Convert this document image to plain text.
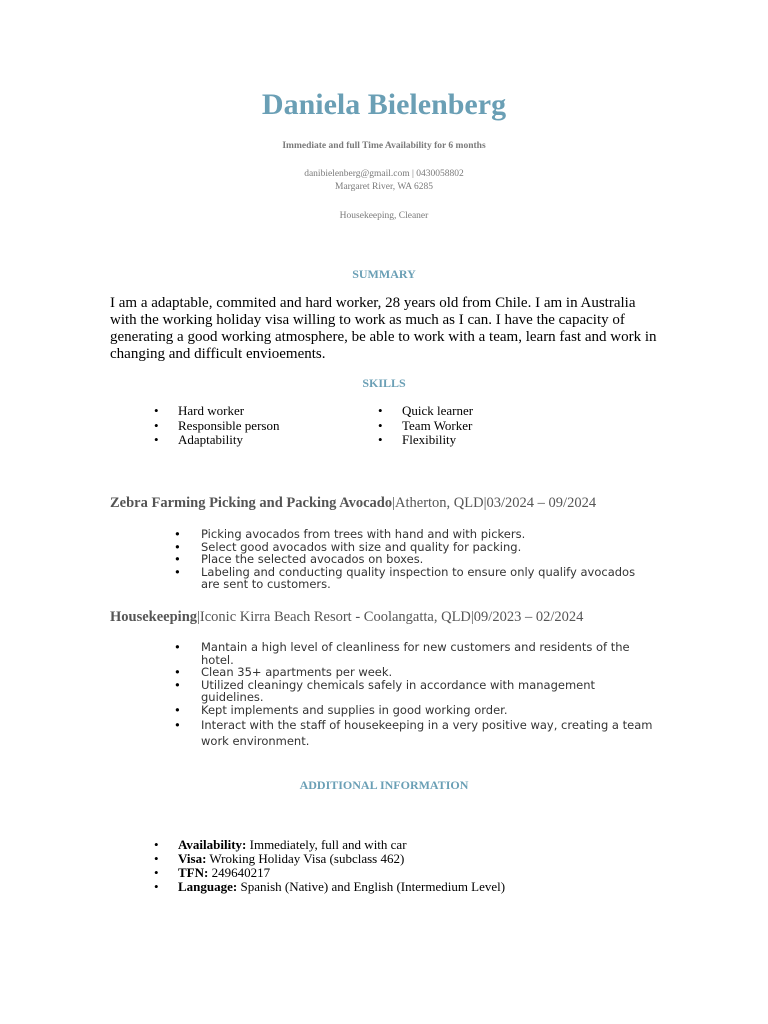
Daniela Bielenberg
Immediate and full Time Availability for 6 months
danibielenberg@gmail.com | 0430058802
Margaret River, WA 6285
Housekeeping, Cleaner
SUMMARY
I am a adaptable, commited and hard worker, 28 years old from Chile. I am in Australia with the working holiday visa willing to work as much as I can. I have the capacity of generating a good working atmosphere, be able to work with a team, learn fast and work in changing and difficult envioements.
SKILLS
• Hard worker
• Responsible person
• Adaptability
• Quick learner
• Team Worker
• Flexibility
Zebra Farming Picking and Packing Avocado|Atherton, QLD|03/2024 – 09/2024
• Picking avocados from trees with hand and with pickers.
• Select good avocados with size and quality for packing.
• Place the selected avocados on boxes.
• Labeling and conducting quality inspection to ensure only qualify avocados are sent to customers.
Housekeeping|Iconic Kirra Beach Resort - Coolangatta, QLD|09/2023 – 02/2024
• Mantain a high level of cleanliness for new customers and residents of the hotel.
• Clean 35+ apartments per week.
• Utilized cleaningy chemicals safely in accordance with management guidelines.
• Kept implements and supplies in good working order.
• Interact with the staff of housekeeping in a very positive way, creating a team work environment.
ADDITIONAL INFORMATION
• Availability: Immediately, full and with car
• Visa: Wroking Holiday Visa (subclass 462)
• TFN: 249640217
• Language: Spanish (Native) and English (Intermedium Level)
